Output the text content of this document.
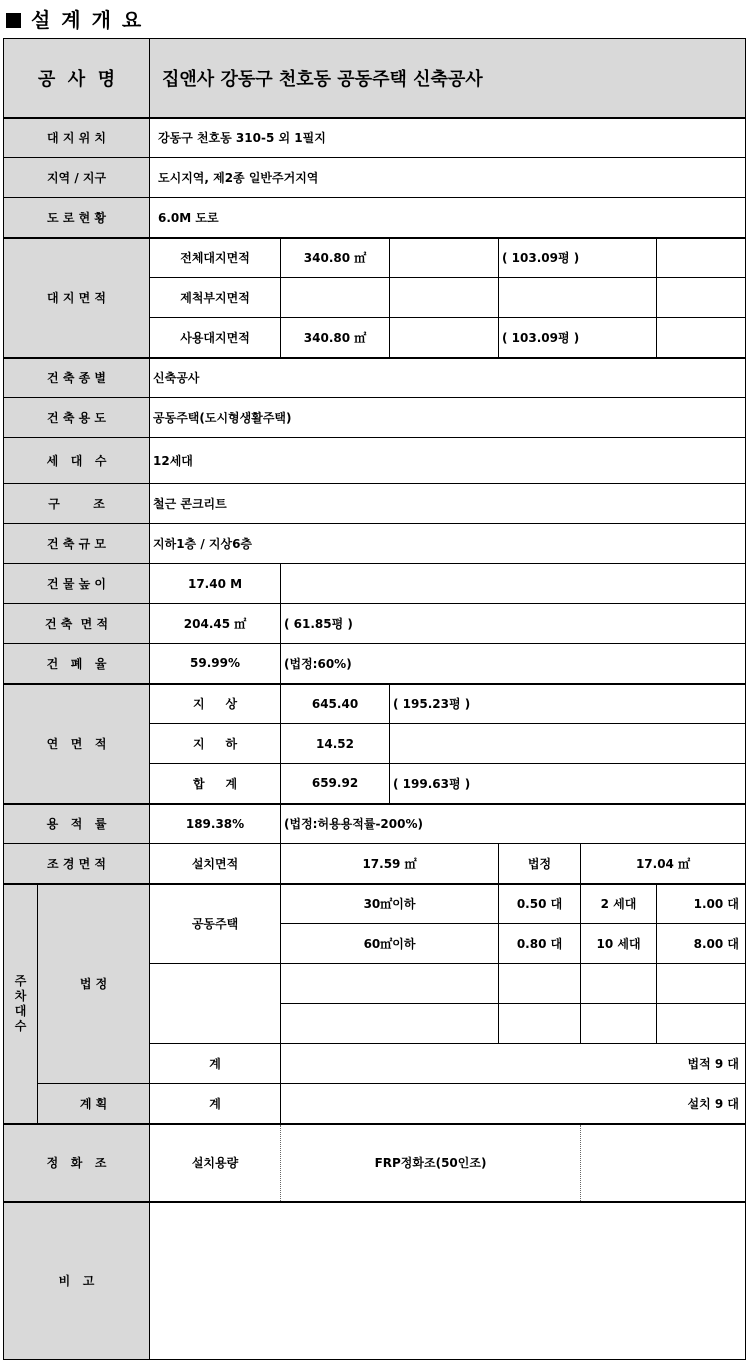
설 계 개 요
공  사  명		집앤사 강동구 천호동 공동주택 신축공사					
대 지 위 치		강동구 천호동 310-5 외 1필지					
지역 / 지구		도시지역, 제2종 일반주거지역					
도 로 현 황		6.0M 도로					
대 지 면 적		전체대지면적	340.80 ㎡		( 103.09평 )		
		제척부지면적					
		사용대지면적	340.80 ㎡		( 103.09평 )		
건 축 종 별		신축공사					
건 축 용 도		공동주택(도시형생활주택)					
세   대   수		12세대					
구        조		철근 콘크리트					
건 축 규 모		지하1층 / 지상6층					
건 물 높 이		17.40 M					
건 축  면 적		204.45 ㎡	( 61.85평 )				
건   폐   율		59.99%	(법정:60%)				
연   면   적		지     상	645.40	( 195.23평 )			
		지     하	14.52				
		합     계	659.92	( 199.63평 )			
용   적   률		189.38%	(법정:허용용적률-200%)				
조 경 면 적		설치면적	17.59 ㎡		법정	17.04 ㎡	

주
차
대
수	법 정	공동주택	30㎡이하		0.50 대	2 세대	1.00 대
			60㎡이하		0.80 대	10 세대	8.00 대

		계	법적 9 대				
	계 획	계	설치 9 대				
정   화   조		설치용량	FRP정화조(50인조)				
비   고							
